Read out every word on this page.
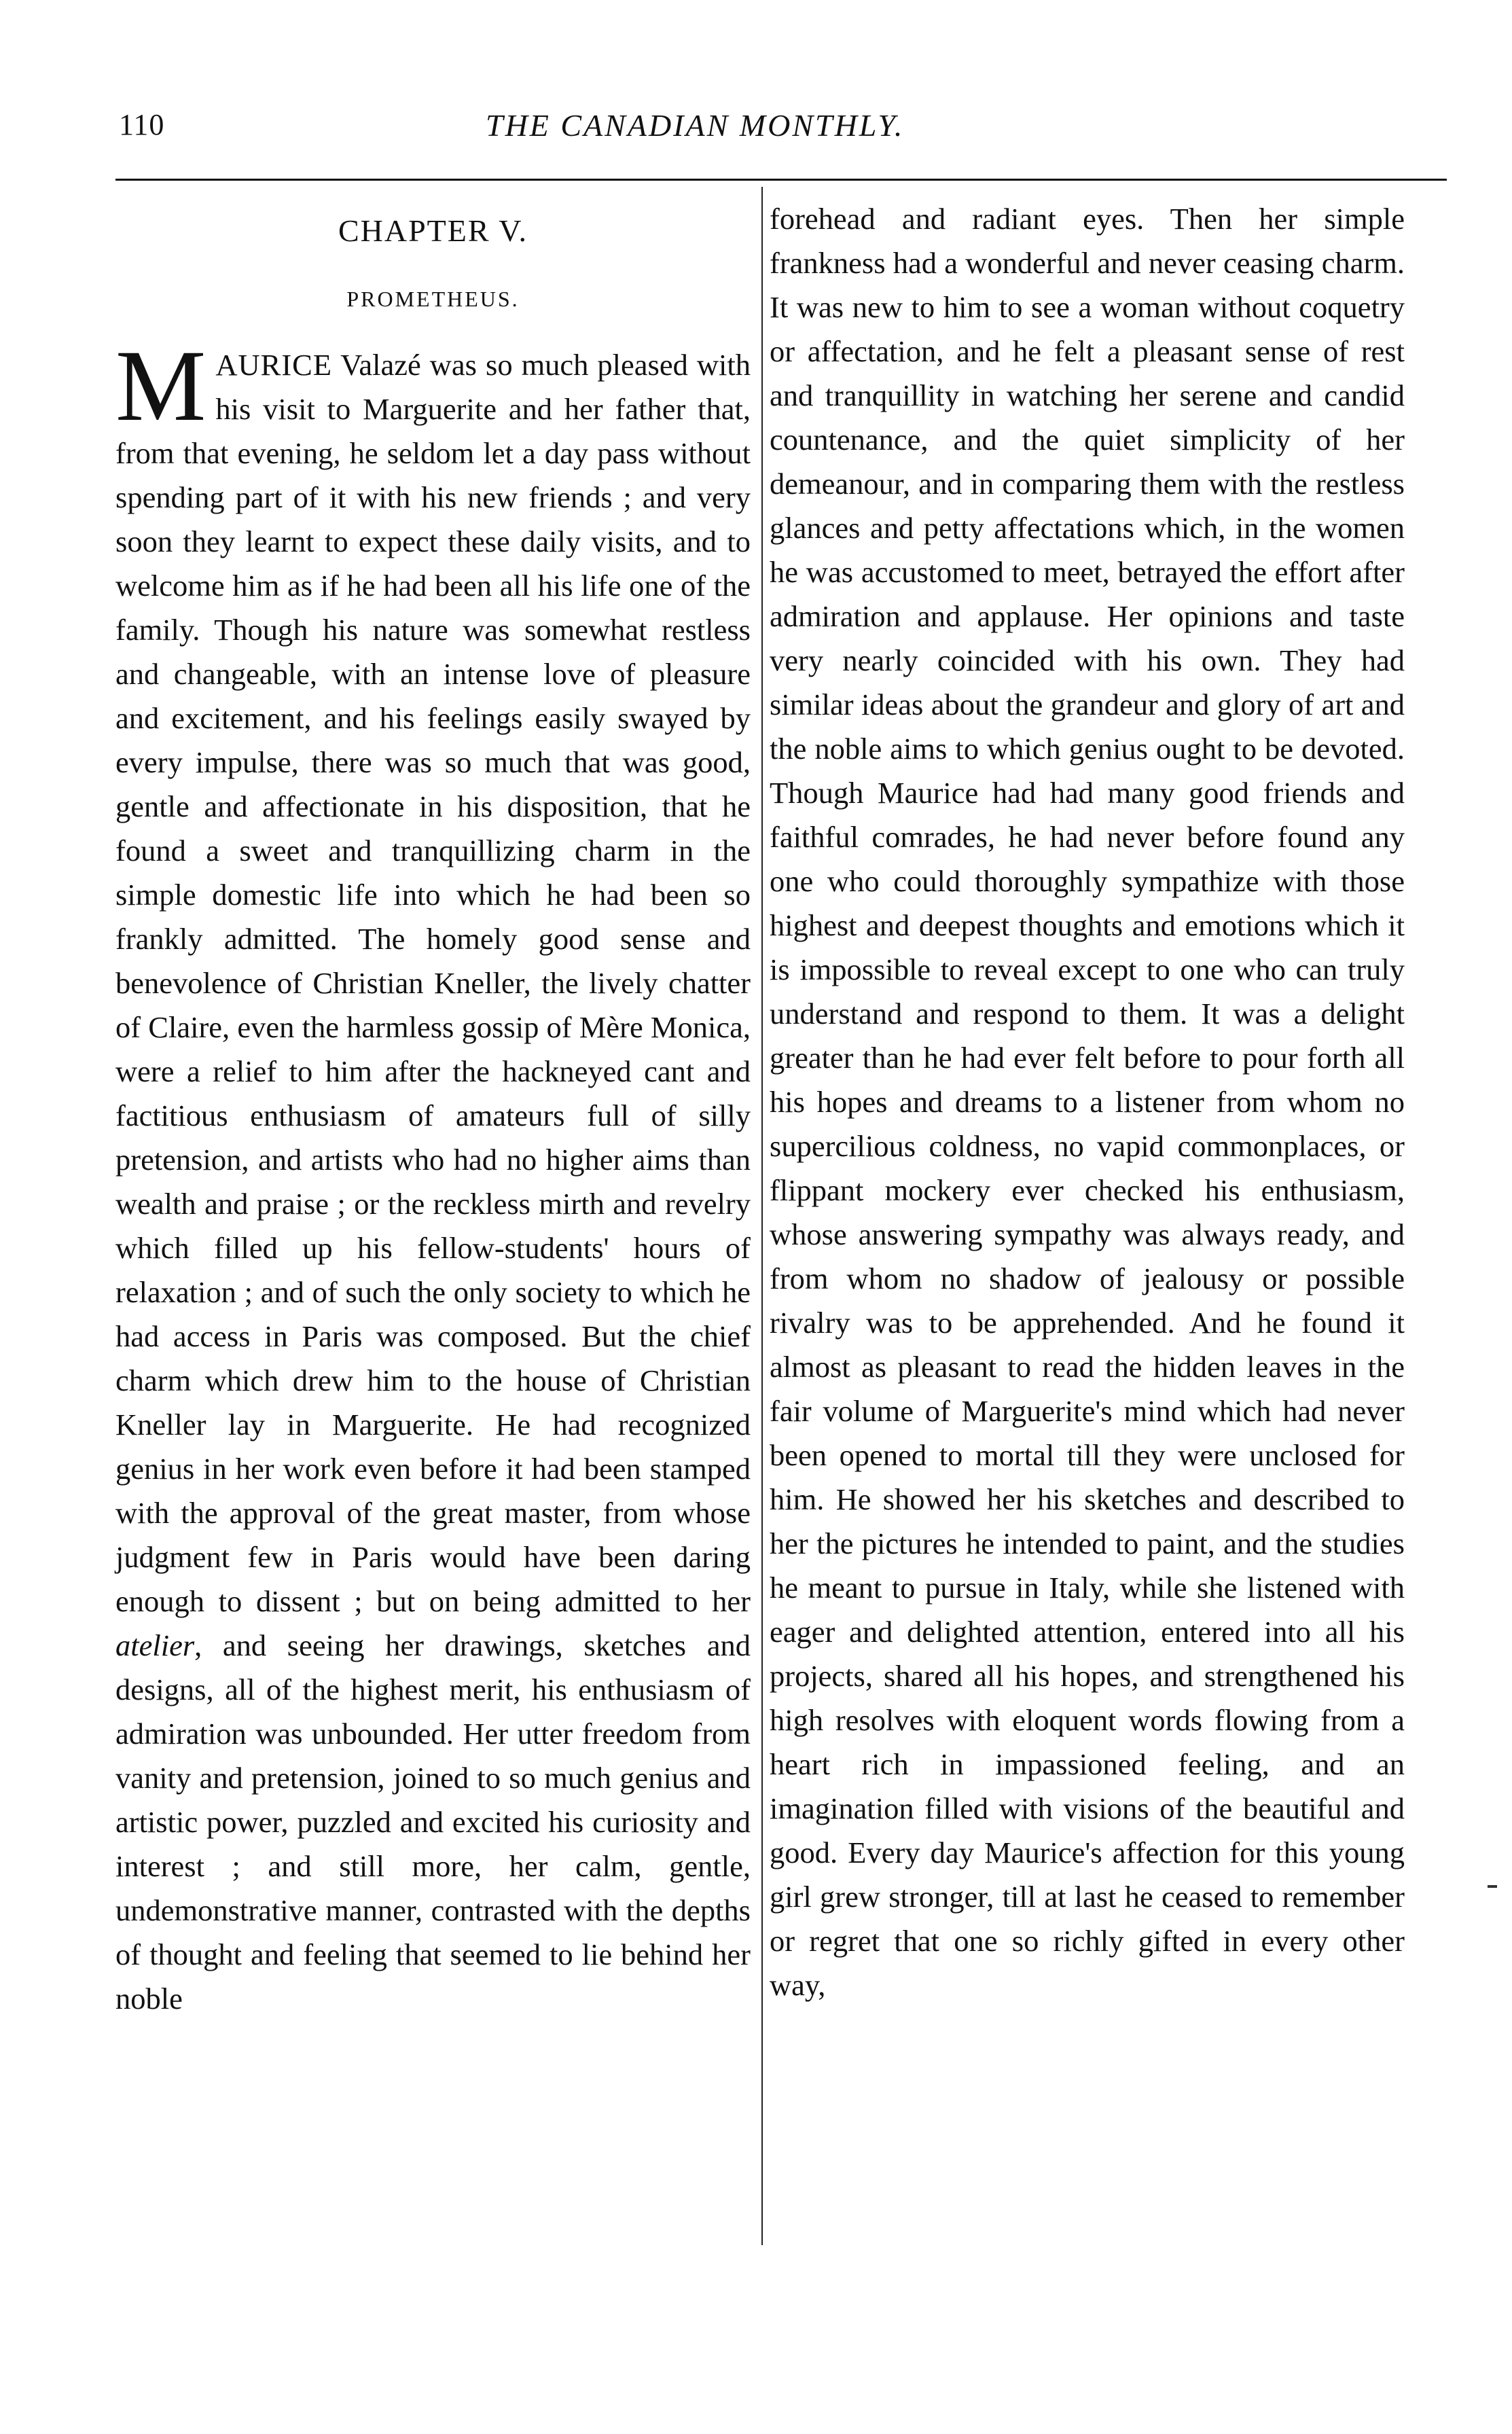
110	THE CANADIAN MONTHLY.
CHAPTER V.
PROMETHEUS.

MAURICE Valazé was so much pleased with his visit to Marguerite and her father that, from that evening, he seldom let a day pass without spending part of it with his new friends ; and very soon they learnt to expect these daily visits, and to welcome him as if he had been all his life one of the family. Though his nature was somewhat restless and changeable, with an intense love of pleasure and excitement, and his feelings easily swayed by every impulse, there was so much that was good, gentle and affectionate in his disposition, that he found a sweet and tranquillizing charm in the simple domestic life into which he had been so frankly admitted. The homely good sense and benevolence of Christian Kneller, the lively chatter of Claire, even the harmless gossip of Mère Monica, were a relief to him after the hackneyed cant and factitious enthusiasm of amateurs full of silly pretension, and artists who had no higher aims than wealth and praise ; or the reckless mirth and revelry which filled up his fellow-students' hours of relaxation ; and of such the only society to which he had access in Paris was composed. But the chief charm which drew him to the house of Christian Kneller lay in Marguerite. He had recognized genius in her work even before it had been stamped with the approval of the great master, from whose judgment few in Paris would have been daring enough to dissent ; but on being admitted to her atelier, and seeing her drawings, sketches and designs, all of the highest merit, his enthusiasm of admiration was unbounded. Her utter freedom from vanity and pretension, joined to so much genius and artistic power, puzzled and excited his curiosity and interest ; and still more, her calm, gentle, undemonstrative manner, contrasted with the depths of thought and feeling that seemed to lie behind her noble

forehead and radiant eyes. Then her simple frankness had a wonderful and never ceasing charm. It was new to him to see a woman without coquetry or affectation, and he felt a pleasant sense of rest and tranquillity in watching her serene and candid countenance, and the quiet simplicity of her demeanour, and in comparing them with the restless glances and petty affectations which, in the women he was accustomed to meet, betrayed the effort after admiration and applause. Her opinions and taste very nearly coincided with his own. They had similar ideas about the grandeur and glory of art and the noble aims to which genius ought to be devoted. Though Maurice had had many good friends and faithful comrades, he had never before found any one who could thoroughly sympathize with those highest and deepest thoughts and emotions which it is impossible to reveal except to one who can truly understand and respond to them. It was a delight greater than he had ever felt before to pour forth all his hopes and dreams to a listener from whom no supercilious coldness, no vapid commonplaces, or flippant mockery ever checked his enthusiasm, whose answering sympathy was always ready, and from whom no shadow of jealousy or possible rivalry was to be apprehended. And he found it almost as pleasant to read the hidden leaves in the fair volume of Marguerite's mind which had never been opened to mortal till they were unclosed for him. He showed her his sketches and described to her the pictures he intended to paint, and the studies he meant to pursue in Italy, while she listened with eager and delighted attention, entered into all his projects, shared all his hopes, and strengthened his high resolves with eloquent words flowing from a heart rich in impassioned feeling, and an imagination filled with visions of the beautiful and good. Every day Maurice's affection for this young girl grew stronger, till at last he ceased to remember or regret that one so richly gifted in every other way,
